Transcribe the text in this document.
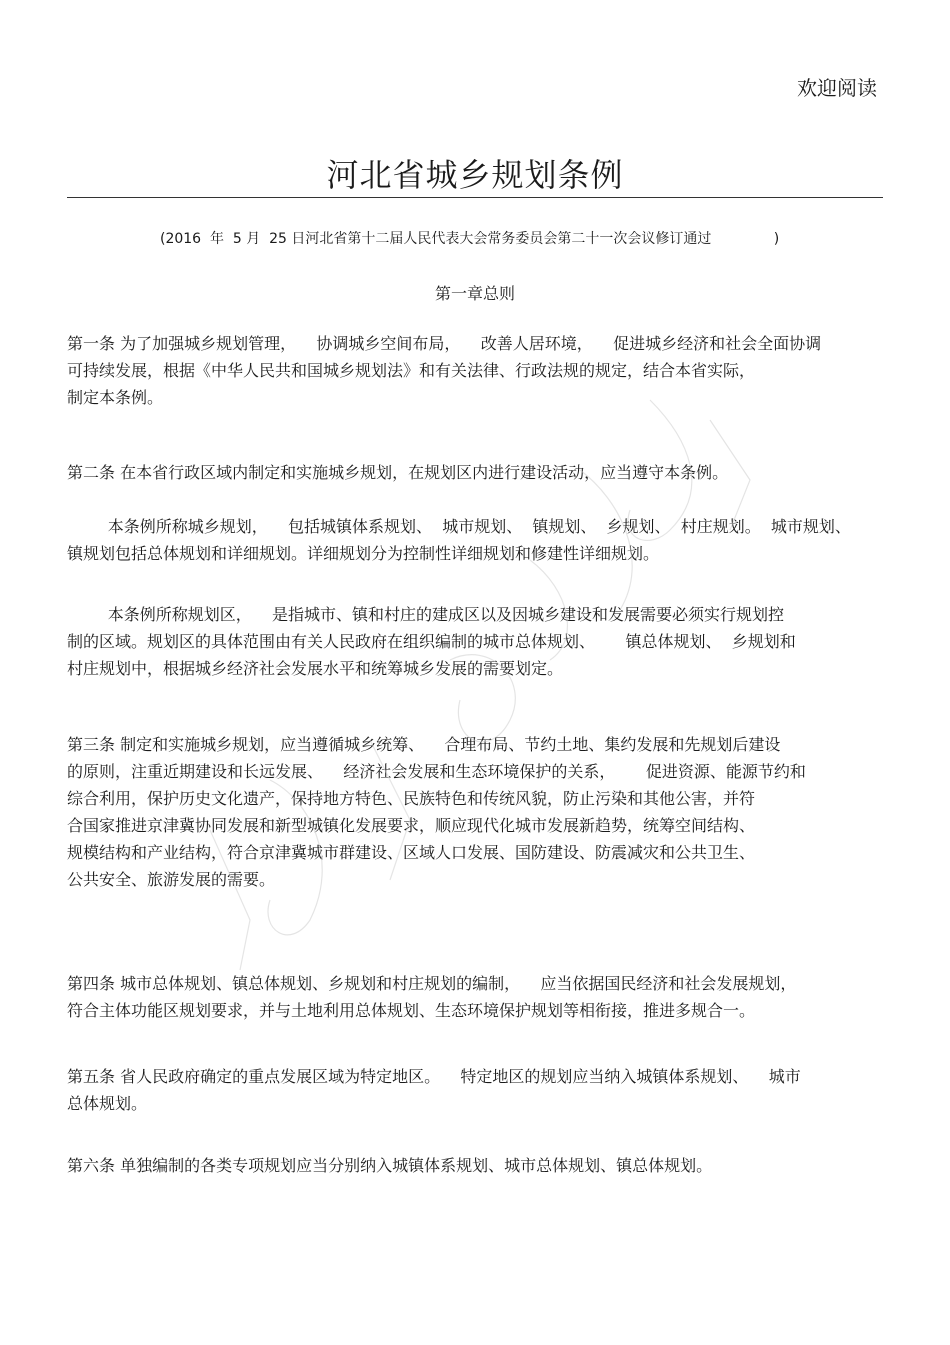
欢迎阅读
河北省城乡规划条例
(2016  年  5 月  25 日河北省第十二届人民代表大会常务委员会第二十一次会议修订通过              )
第一章总则
第一条 为了加强城乡规划管理，    协调城乡空间布局，    改善人居环境，    促进城乡经济和社会全面协调
可持续发展，根据《中华人民共和国城乡规划法》和有关法律、行政法规的规定，结合本省实际，
制定本条例。
第二条 在本省行政区域内制定和实施城乡规划，在规划区内进行建设活动，应当遵守本条例。
本条例所称城乡规划，    包括城镇体系规划、  城市规划、  镇规划、  乡规划、  村庄规划。  城市规划、
镇规划包括总体规划和详细规划。详细规划分为控制性详细规划和修建性详细规划。
本条例所称规划区，    是指城市、镇和村庄的建成区以及因城乡建设和发展需要必须实行规划控
制的区域。规划区的具体范围由有关人民政府在组织编制的城市总体规划、      镇总体规划、  乡规划和
村庄规划中，根据城乡经济社会发展水平和统筹城乡发展的需要划定。
第三条 制定和实施城乡规划，应当遵循城乡统筹、    合理布局、节约土地、集约发展和先规划后建设
的原则，注重近期建设和长远发展、    经济社会发展和生态环境保护的关系，      促进资源、能源节约和
综合利用，保护历史文化遗产，保持地方特色、民族特色和传统风貌，防止污染和其他公害，并符
合国家推进京津冀协同发展和新型城镇化发展要求，顺应现代化城市发展新趋势，统筹空间结构、
规模结构和产业结构，符合京津冀城市群建设、区域人口发展、国防建设、防震减灾和公共卫生、
公共安全、旅游发展的需要。
第四条 城市总体规划、镇总体规划、乡规划和村庄规划的编制，    应当依据国民经济和社会发展规划，
符合主体功能区规划要求，并与土地利用总体规划、生态环境保护规划等相衔接，推进多规合一。
第五条 省人民政府确定的重点发展区域为特定地区。    特定地区的规划应当纳入城镇体系规划、    城市
总体规划。
第六条 单独编制的各类专项规划应当分别纳入城镇体系规划、城市总体规划、镇总体规划。
